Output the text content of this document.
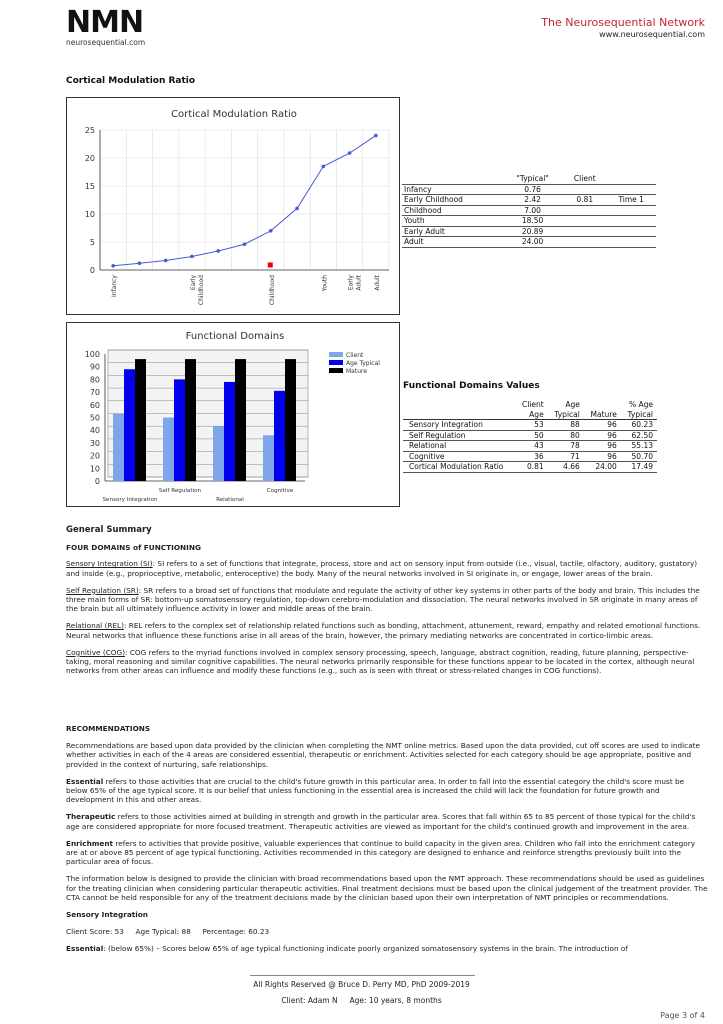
NMN
neurosequential.com
The Neurosequential Network
www.neurosequential.com
Cortical Modulation Ratio
Cortical Modulation Ratio
0
5
10
15
20
25
Infancy	Early Childhood	Childhood	Youth	Early Adult Adult
	"Typical"	Client	
Infancy	0.76		
Early Childhood	2.42	0.81	Time 1
Childhood	7.00		
Youth	18.50		
Early Adult	20.89		
Adult	24.00		
Functional Domains
0
10
20
30
40
50
60
70
80
90
100
Sensory Integration
Self Regulation
Relational
Cognitive
Client
Age Typical
Mature
Functional Domains Values
	Client	Age		% Age
	Age	Typical	Mature	Typical
Sensory Integration	53	88	96	60.23
Self Regulation	50	80	96	62.50
Relational	43	78	96	55.13
Cognitive	36	71	96	50.70
Cortical Modulation Ratio	0.81	4.66	24.00	17.49
General Summary
FOUR DOMAINS of FUNCTIONING

Sensory Integration (SI): SI refers to a set of functions that integrate, process, store and act on sensory input from outside (i.e., visual, tactile, olfactory, auditory, gustatory) and inside (e.g., proprioceptive, metabolic, enteroceptive) the body. Many of the neural networks involved in SI originate in, or engage, lower areas of the brain.

Self Regulation (SR): SR refers to a broad set of functions that modulate and regulate the activity of other key systems in other parts of the body and brain. This includes the three main forms of SR: bottom-up somatosensory regulation, top-down cerebro-modulation and dissociation. The neural networks involved in SR originate in many areas of the brain but all ultimately influence activity in lower and middle areas of the brain.

Relational (REL): REL refers to the complex set of relationship related functions such as bonding, attachment, attunement, reward, empathy and related emotional functions. Neural networks that influence these functions arise in all areas of the brain, however, the primary mediating networks are concentrated in cortico-limbic areas.

Cognitive (COG): COG refers to the myriad functions involved in complex sensory processing, speech, language, abstract cognition, reading, future planning, perspective-taking, moral reasoning and similar cognitive capabilities. The neural networks primarily responsible for these functions appear to be located in the cortex, although neural networks from other areas can influence and modify these functions (e.g., such as is seen with threat or stress-related changes in COG functions).

RECOMMENDATIONS

Recommendations are based upon data provided by the clinician when completing the NMT online metrics. Based upon the data provided, cut off scores are used to indicate whether activities in each of the 4 areas are considered essential, therapeutic or enrichment. Activities selected for each category should be age appropriate, positive and provided in the context of nurturing, safe relationships.

Essential refers to those activities that are crucial to the child's future growth in this particular area. In order to fall into the essential category the child's score must be below 65% of the age typical score. It is our belief that unless functioning in the essential area is increased the child will lack the foundation for future growth and development in this and other areas.

Therapeutic refers to those activities aimed at building in strength and growth in the particular area. Scores that fall within 65 to 85 percent of those typical for the child's age are considered appropriate for more focused treatment. Therapeutic activities are viewed as important for the child's continued growth and improvement in the area.

Enrichment refers to activities that provide positive, valuable experiences that continue to build capacity in the given area. Children who fall into the enrichment category are at or above 85 percent of age typical functioning. Activities recommended in this category are designed to enhance and reinforce strengths previously built into the particular area of focus.

The information below is designed to provide the clinician with broad recommendations based upon the NMT approach. These recommendations should be used as guidelines for the treating clinician when considering particular therapeutic activities. Final treatment decisions must be based upon the clinical judgement of the treatment provider. The CTA cannot be held responsible for any of the treatment decisions made by the clinician based upon their own interpretation of NMT principles or recommendations.

Sensory Integration
Client Score: 53     Age Typical: 88     Percentage: 60.23
Essential: (below 65%) – Scores below 65% of age typical functioning indicate poorly organized somatosensory systems in the brain. The introduction of
All Rights Reserved @ Bruce D. Perry MD, PhD 2009-2019
Client: Adam N     Age: 10 years, 8 months
Page 3 of 4
